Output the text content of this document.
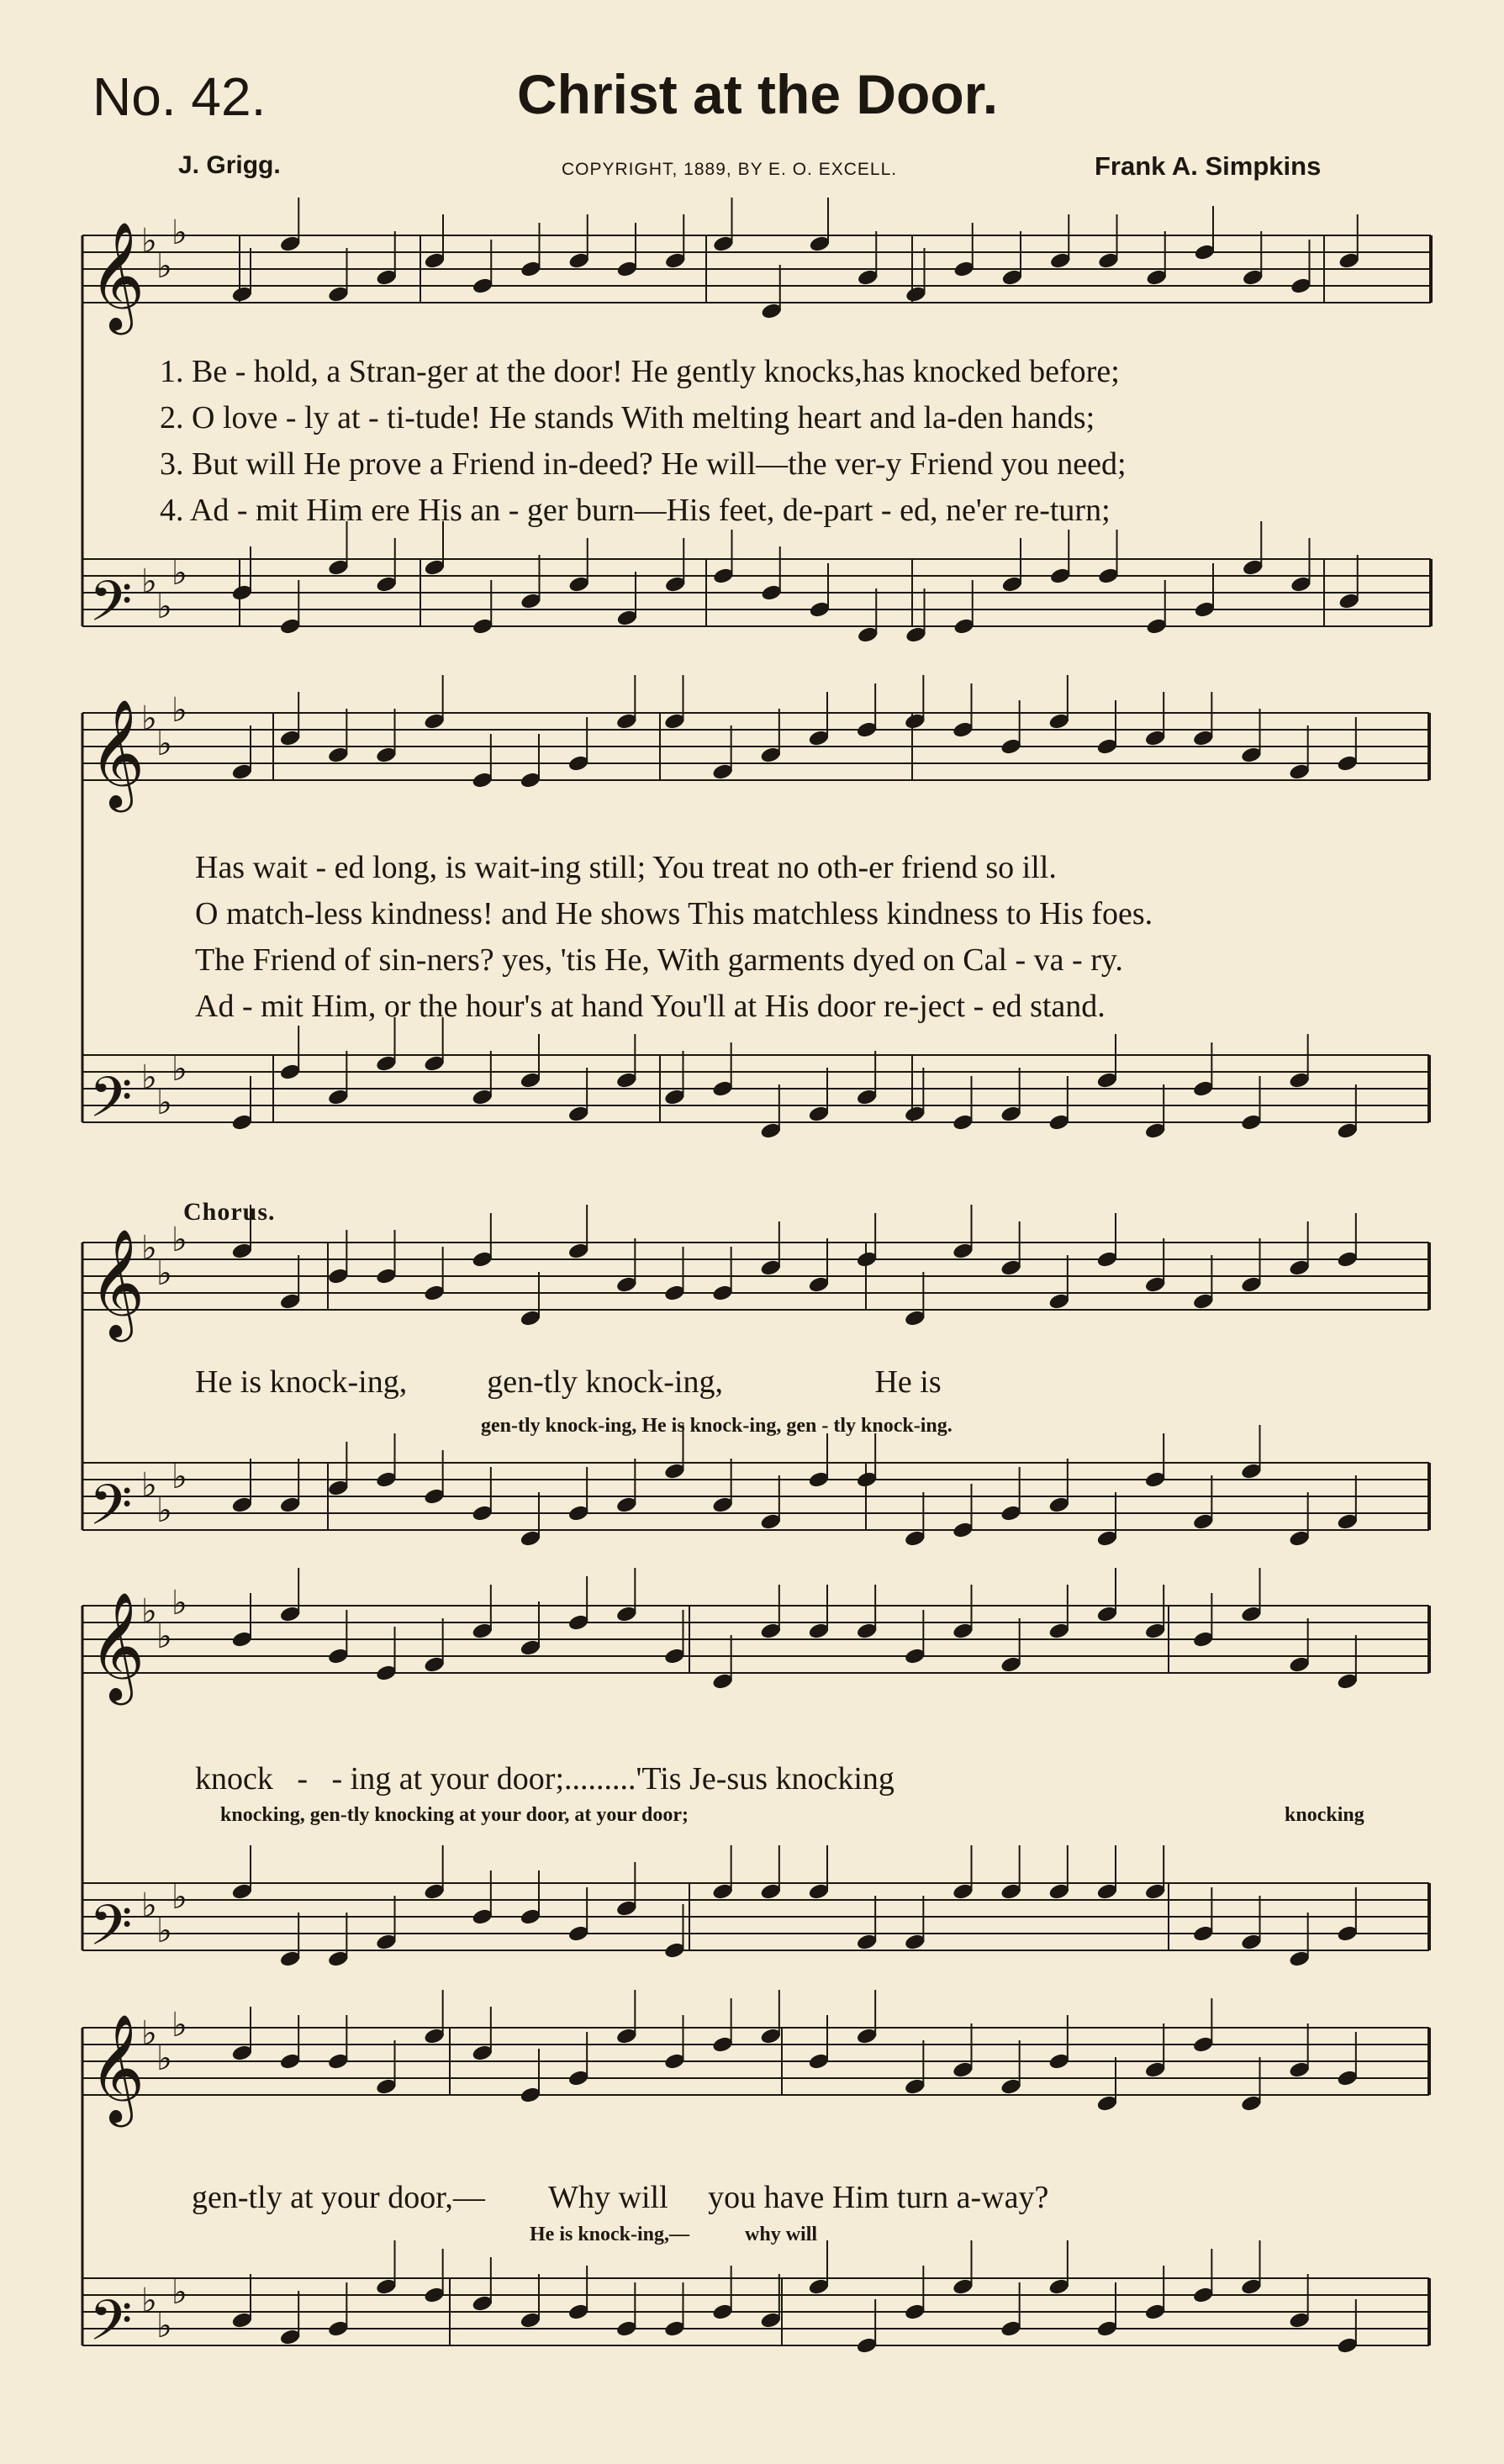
No. 42.	Christ at the Door.
J. Grigg.	COPYRIGHT, 1889, BY E. O. EXCELL.	Frank A. Simpkins
𝄞
♭
♭
♭
𝄢 ♭
♭
♭
𝄞
♭
♭
♭
𝄢 ♭
♭
♭
𝄞
♭
♭
♭
𝄢 ♭
♭
♭
𝄞
♭
♭
♭
𝄢 ♭
♭
♭
𝄞
♭
♭
♭
𝄢 ♭
♭
♭
1. Be - hold, a Stran-ger at the door! He gently knocks,has knocked before;
2. O love - ly at - ti-tude! He stands With melting heart and la-den hands;
3. But will He prove a Friend in-deed? He will—the ver-y Friend you need;
4. Ad - mit Him ere His an - ger burn—His feet, de-part - ed, ne'er re-turn;
Has wait - ed long, is wait-ing still; You treat no oth-er friend so ill.
O match-less kindness! and He shows This matchless kindness to His foes.
The Friend of sin-ners? yes, 'tis He, With garments dyed on Cal - va - ry.
Ad - mit Him, or the hour's at hand You'll at His door re-ject - ed stand.
Chorus.
He is knock-ing,          gen-tly knock-ing,                   He is
gen-tly knock-ing, He is knock-ing, gen - tly knock-ing.
knock   -   - ing at your door;.........'Tis Je-sus knocking
knocking, gen-tly knocking at your door, at your door;	knocking
gen-tly at your door,—        Why will     you have Him turn a-way?
He is knock-ing,—           why will
